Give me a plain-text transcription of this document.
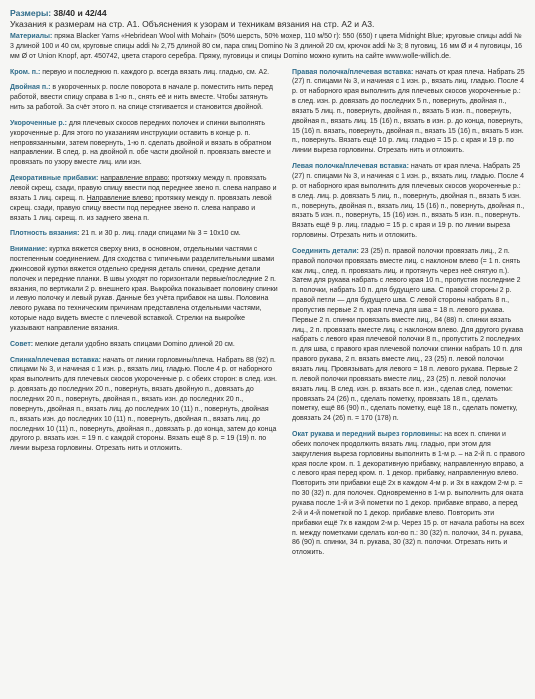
Размеры: 38/40 и 42/44
Указания к размерам на стр. А1. Объяснения к узорам и техникам вязания на стр. А2 и А3.

Материалы: пряжа Blacker Yarns «Hebridean Wool with Mohair» (50% шерсть, 50% мохер, 110 м/50 г): 550 (650) г цвета Midnight Blue; круговые спицы addi № 3 длиной 100 и 40 см, круговые спицы addi № 2,75 длиной 80 см, пара спиц Domino № 3 длиной 20 см, крючок addi № 3; 8 пуговиц, 16 мм Ø и 4 пуговицы, 16 мм Ø от Union Knopf, арт. 450742, цвета старого серебра. Пряжу, пуговицы и спицы Domino можно купить на сайте www.wolle-willich.de.

Кром. п.: первую и последнюю п. каждого р. всегда вязать лиц. гладью, см. А2.

Двойная п.: в укороченных р. после поворота в начале р. поместить нить перед работой, ввести спицу справа в 1-ю п., снять её и нить вместе. Чтобы затянуть нить за работой. За счёт этого п. на спице стягивается и становится двойной.

Укороченные р.: для плечевых скосов передних полочек и спинки выполнять укороченные р. Для этого по указаниям инструкции оставить в конце р. п. непровязанными, затем повернуть, 1-ю п. сделать двойной и вязать в обратном направлении. В след. р. на двойной п. обе части двойной п. провязать вместе и провязать по узору вместе лиц. или изн.

Декоративные прибавки: направление вправо: протяжку между п. провязать левой скрещ. сзади, правую спицу ввести под переднее звено п. слева направо и вязать 1 лиц. скрещ. п. Направление влево: протяжку между п. провязать левой скрещ. сзади, правую спицу ввести под переднее звено п. слева направо и вязать 1 лиц. скрещ. п. из заднего звена п.

Плотность вязания: 21 п. и 30 р. лиц. глади спицами № 3 = 10х10 см.

Внимание: куртка вяжется сверху вниз, в основном, отдельными частями с постепенным соединением. Для сходства с типичными разделительными швами джинсовой куртки вяжется отдельно средняя деталь спинки, средние детали полочек и передние планки. В швы уходят по горизонтали первые/последние 2 п. вязания, по вертикали 2 р. внешнего края. Выкройка показывает половину спинки и левую полочку и левый рукав. Данные без учёта прибавок на швы. Половина левого рукава по техническим причинам представлена отдельными частями, которые надо видеть вместе с плечевой вставкой. Стрелки на выкройке указывают направление вязания.

Совет: мелкие детали удобно вязать спицами Domino длиной 20 см.

Спинка/плечевая вставка: начать от линии горловины/плеча. Набрать 88 (92) п. спицами № 3, и начиная с 1 изн. р., вязать лиц. гладью. После 4 р. от наборного края выполнить для плечевых скосов укороченные р. с обеих сторон: в след. изн. р. довязать до последних 20 п., повернуть, вязать двойную п., довязать до последних 20 п., повернуть, двойная п., вязать изн. до последних 20 п., повернуть, двойная п., вязать лиц. до последних 10 (11) п., повернуть, двойная п., вязать изн. до последних 10 (11) п., повернуть, двойная п., вязать лиц. до последних 10 (11) п., повернуть, двойная п., довязать р. до конца, затем до конца другого р. вязать изн. = 19 п. с каждой стороны. Вязать ещё 8 р. = 19 (19) п. по линии выреза горловины. Отрезать нить и отложить.

Правая полочка/плечевая вставка: начать от края плеча. Набрать 25 (27) п. спицами № 3, и начиная с 1 изн. р., вязать лиц. гладью. После 4 р. от наборного края выполнить для плечевых скосов укороченные р.: в след. изн. р. довязать до последних 5 п., повернуть, двойная п., вязать 5 лиц. п., повернуть, двойная п., вязать 5 изн. п., повернуть, двойная п., вязать лиц. 15 (16) п., вязать в изн. р. до конца, повернуть, 15 (16) п. вязать, повернуть, двойная п., вязать 15 (16) п., вязать 5 изн. п., повернуть. Вязать ещё 10 р. лиц. гладью = 15 р. с края и 19 р. по линии выреза горловины. Отрезать нить и отложить.

Левая полочка/плечевая вставка: начать от края плеча. Набрать 25 (27) п. спицами № 3, и начиная с 1 изн. р., вязать лиц. гладью. После 4 р. от наборного края выполнить для плечевых скосов укороченные р.: в след. лиц. р. довязать 5 лиц. п., повернуть, двойная п., вязать 5 изн. п., повернуть, двойная п., вязать лиц. 15 (16) п., повернуть, двойная п., вязать 5 изн. п., повернуть, 15 (16) изн. п., вязать 5 изн. п., повернуть. Вязать ещё 9 р. лиц. гладью = 15 р. с края и 19 р. по линии выреза горловины. Отрезать нить и отложить.

Соединить детали: 23 (25) п. правой полочки провязать лиц., 2 п. правой полочки провязать вместе лиц. с наклоном влево (= 1 п. снять как лиц., след. п. провязать лиц. и протянуть через неё снятую п.). Затем для рукава набрать с левого края 10 п., пропустив последние 2 п. полочки, набрать 10 п. для будущего шва. С правой стороны 2 р. правой петли — для будущего шва. С левой стороны набрать 8 п., пропустив первые 2 п. края плеча для шва = 18 п. левого рукава. Первые 2 п. спинки провязать вместе лиц., 84 (88) п. спинки вязать лиц., 2 п. провязать вместе лиц. с наклоном влево. Для другого рукава набрать с левого края плечевой полочки 8 п., пропустить 2 последних п. для шва, с правого края плечевой полочки спинки набрать 10 п. для правого рукава, 2 п. вязать вместе лиц., 23 (25) п. левой полочки вязать лиц. Провязывать для левого = 18 п. левого рукава. Первые 2 п. левой полочки провязать вместе лиц., 23 (25) п. левой полочки вязать лиц. В след. изн. р. вязать все п. изн., сделав след. пометки: провязать 24 (26) п., сделать пометку, провязать 18 п., сделать пометку, ещё 86 (90) п., сделать пометку, ещё 18 п., сделать пометку, довязать 24 (26) п. = 170 (178) п.

Окат рукава и передний вырез горловины: на всех п. спинки и обеих полочек продолжить вязать лиц. гладью, при этом для закругления выреза горловины выполнить в 1-м р. – на 2-й п. с правого края после кром. п. 1 декоративную прибавку, направленную вправо, а с левого края перед кром. п. 1 декор. прибавку, направленную влево. Повторить эти прибавки ещё 2х в каждом 4-м р. и 3х в каждом 2-м р. = по 30 (32) п. для полочек. Одновременно в 1-м р. выполнить для оката рукава после 1-й и 3-й пометки по 1 декор. прибавке вправо, а перед 2-й и 4-й пометкой по 1 декор. прибавке влево. Повторить эти прибавки ещё 7х в каждом 2-м р. Через 15 р. от начала работы на всех п. между пометками сделать кол-во п.: 30 (32) п. полочки, 34 п. рукава, 86 (90) п. спинки, 34 п. рукава, 30 (32) п. полочки. Отрезать нить и отложить.
